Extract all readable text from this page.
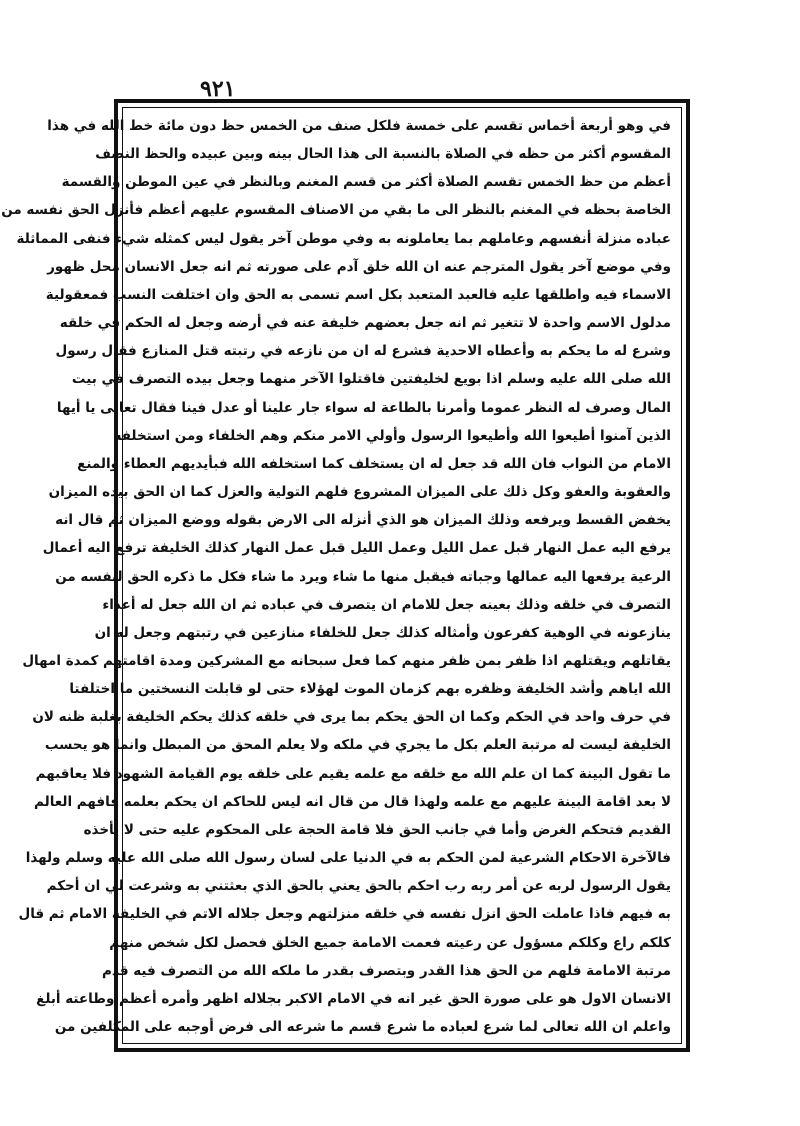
۹۲۱
في وهو أربعة أخماس تقسم على خمسة فلكل صنف من الخمس حظ دون مائة خط الله في هذا
المقسوم أكثر من حظه في الصلاة بالنسبة الى هذا الحال بينه وبين عبيده والحظ النصف
أعظم من حظ الخمس تقسم الصلاة أكثر من قسم المغنم وبالنظر في عين الموطن والقسمة
الخاصة بحظه في المغنم بالنظر الى ما بقي من الاصناف المقسوم عليهم أعظم فأنزل الحق نفسه من
عباده منزلة أنفسهم وعاملهم بما يعاملونه به وفي موطن آخر يقول ليس كمثله شيء فنفى المماثلة
وفي موضع آخر يقول المترجم عنه ان الله خلق آدم على صورته ثم انه جعل الانسان محل ظهور
الاسماء فيه واطلقها عليه فالعبد المتعبد بكل اسم تسمى به الحق وان اختلفت النسب فمعقولية
مدلول الاسم واحدة لا تتغير ثم انه جعل بعضهم خليفة عنه في أرضه وجعل له الحكم في خلقه
وشرع له ما يحكم به وأعطاه الاحدية فشرع له ان من نازعه في رتبته قتل المنازع فقال رسول
الله صلى الله عليه وسلم اذا بويع لخليفتين فاقتلوا الآخر منهما وجعل بيده التصرف في بيت
المال وصرف له النظر عموما وأمرنا بالطاعة له سواء جار علينا أو عدل فينا فقال تعالى يا أيها
الذين آمنوا أطيعوا الله وأطيعوا الرسول وأولي الامر منكم وهم الخلفاء ومن استخلفه
الامام من النواب فان الله قد جعل له ان يستخلف كما استخلفه الله فبأيديهم العطاء والمنع
والعقوبة والعفو وكل ذلك على الميزان المشروع فلهم التولية والعزل كما ان الحق بيده الميزان
يخفض القسط ويرفعه وذلك الميزان هو الذي أنزله الى الارض بقوله ووضع الميزان ثم قال انه
يرفع اليه عمل النهار قبل عمل الليل وعمل الليل قبل عمل النهار كذلك الخليفة ترفع اليه أعمال
الرعية يرفعها اليه عمالها وجباته فيقبل منها ما شاء ويرد ما شاء فكل ما ذكره الحق لنفسه من
التصرف في خلقه وذلك بعينه جعل للامام ان يتصرف في عباده ثم ان الله جعل له أعداء
ينازعونه في الوهية كفرعون وأمثاله كذلك جعل للخلفاء منازعين في رتبتهم وجعل له ان
يقاتلهم ويقتلهم اذا ظفر بمن ظفر منهم كما فعل سبحانه مع المشركين ومدة اقامتهم كمدة امهال
الله اياهم وأشد الخليفة وظفره بهم كزمان الموت لهؤلاء حتى لو قابلت النسختين ما اختلفتا
في حرف واحد في الحكم وكما ان الحق يحكم بما يرى في خلقه كذلك يحكم الخليفة بغلبة ظنه لان
الخليفة ليست له مرتبة العلم بكل ما يجري في ملكه ولا يعلم المحق من المبطل وانما هو يحسب
ما تقول البينة كما ان علم الله مع خلقه مع علمه يقيم على خلقه يوم القيامة الشهود فلا يعاقبهم
لا بعد اقامة البينة عليهم مع علمه ولهذا قال من قال انه ليس للحاكم ان يحكم بعلمه فافهم العالم
القديم فتحكم الغرض وأما في جانب الحق فلا قامة الحجة على المحكوم عليه حتى لا يأخذه
فالآخرة الاحكام الشرعية لمن الحكم به في الدنيا على لسان رسول الله صلى الله عليه وسلم ولهذا
يقول الرسول لربه عن أمر ربه رب احكم بالحق يعني بالحق الذي بعثتني به وشرعت لي ان أحكم
به فيهم فاذا عاملت الحق انزل نفسه في خلقه منزلتهم وجعل جلاله الاتم في الخليفة الامام ثم قال
كلكم راع وكلكم مسؤول عن رعيته فعمت الامامة جميع الخلق فحصل لكل شخص منهم
مرتبة الامامة فلهم من الحق هذا القدر وبتصرف بقدر ما ملكه الله من التصرف فيه قدم
الانسان الاول هو على صورة الحق غير انه في الامام الاكبر بجلاله اظهر وأمره أعظم وطاعته أبلغ
واعلم ان الله تعالى لما شرع لعباده ما شرع قسم ما شرعه الى فرض أوجبه على المكلفين من
